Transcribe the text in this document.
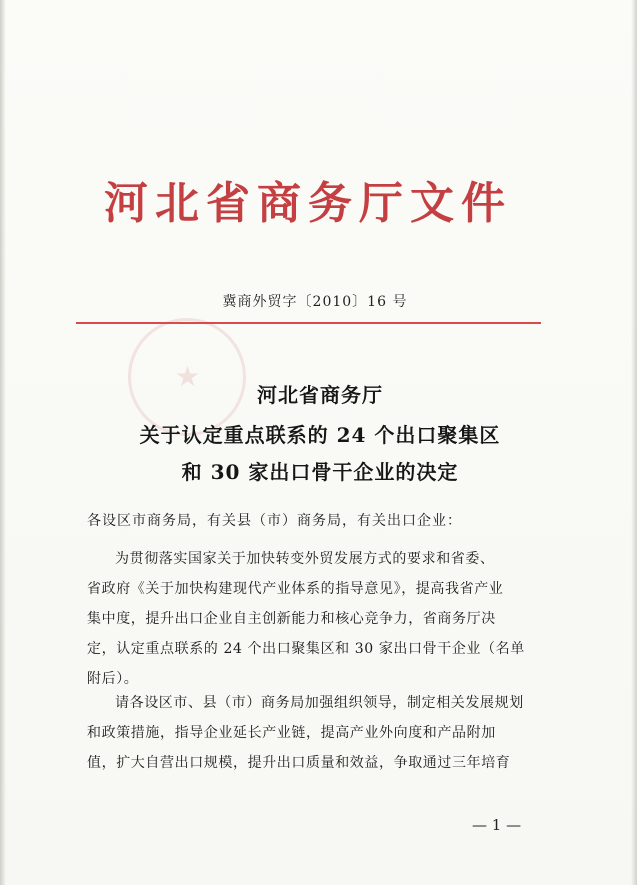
★
河北省商务厅文件
冀商外贸字〔2010〕16 号
河北省商务厅
关于认定重点联系的 24 个出口聚集区
和 30 家出口骨干企业的决定
各设区市商务局，有关县（市）商务局，有关出口企业：
为贯彻落实国家关于加快转变外贸发展方式的要求和省委、
省政府《关于加快构建现代产业体系的指导意见》，提高我省产业
集中度，提升出口企业自主创新能力和核心竞争力，省商务厅决
定，认定重点联系的 24 个出口聚集区和 30 家出口骨干企业（名单
附后）。
请各设区市、县（市）商务局加强组织领导，制定相关发展规划
和政策措施，指导企业延长产业链，提高产业外向度和产品附加
值，扩大自营出口规模，提升出口质量和效益，争取通过三年培育
— 1 —
